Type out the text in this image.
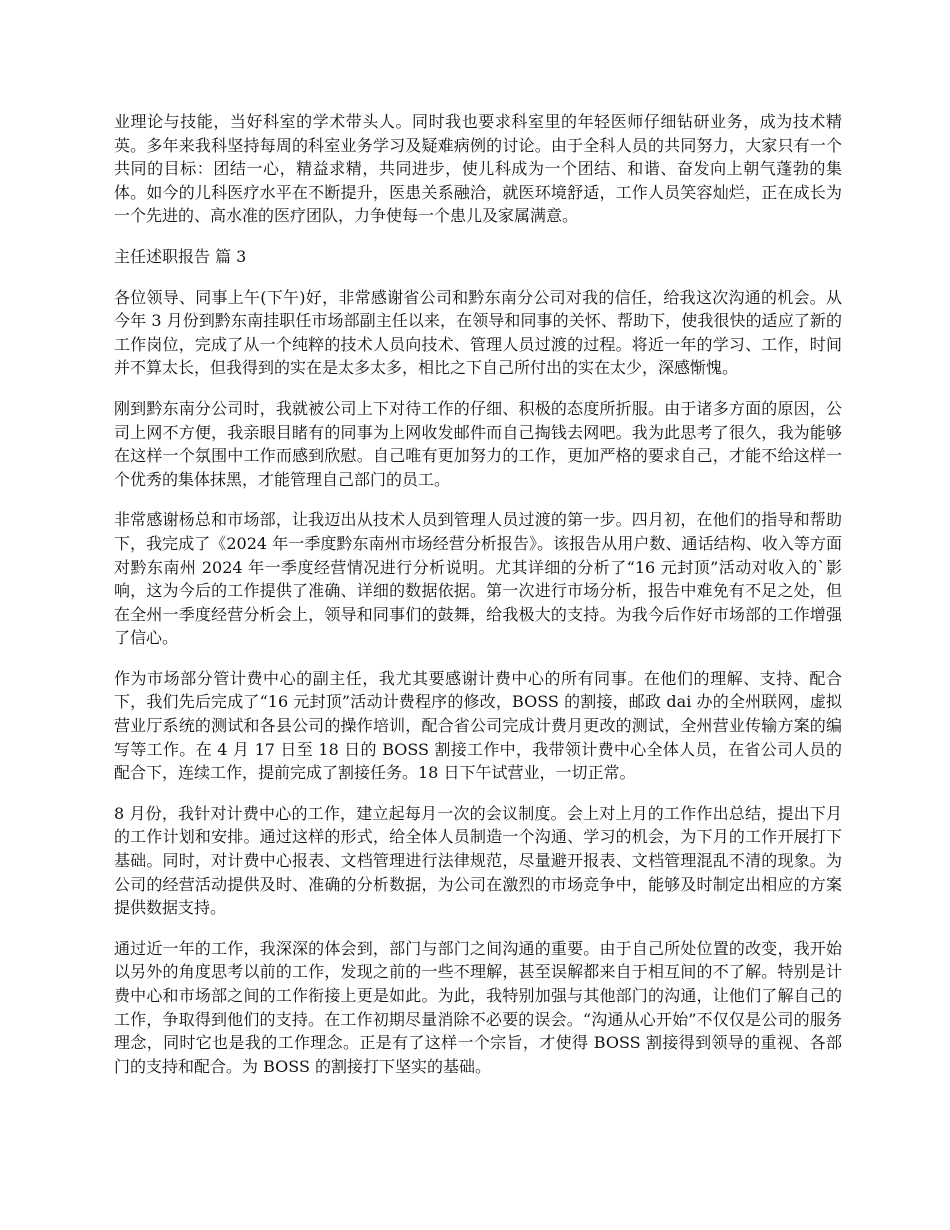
业理论与技能，当好科室的学术带头人。同时我也要求科室里的年轻医师仔细钻研业务，成为技术精英。多年来我科坚持每周的科室业务学习及疑难病例的讨论。由于全科人员的共同努力，大家只有一个共同的目标：团结一心，精益求精，共同进步，使儿科成为一个团结、和谐、奋发向上朝气蓬勃的集体。如今的儿科医疗水平在不断提升，医患关系融洽，就医环境舒适，工作人员笑容灿烂，正在成长为一个先进的、高水准的医疗团队，力争使每一个患儿及家属满意。

主任述职报告 篇 3

各位领导、同事上午(下午)好，非常感谢省公司和黔东南分公司对我的信任，给我这次沟通的机会。从今年 3 月份到黔东南挂职任市场部副主任以来，在领导和同事的关怀、帮助下，使我很快的适应了新的工作岗位，完成了从一个纯粹的技术人员向技术、管理人员过渡的过程。将近一年的学习、工作，时间并不算太长，但我得到的实在是太多太多，相比之下自己所付出的实在太少，深感惭愧。

刚到黔东南分公司时，我就被公司上下对待工作的仔细、积极的态度所折服。由于诸多方面的原因，公司上网不方便，我亲眼目睹有的同事为上网收发邮件而自己掏钱去网吧。我为此思考了很久，我为能够在这样一个氛围中工作而感到欣慰。自己唯有更加努力的工作，更加严格的要求自己，才能不给这样一个优秀的集体抹黑，才能管理自己部门的员工。

非常感谢杨总和市场部，让我迈出从技术人员到管理人员过渡的第一步。四月初，在他们的指导和帮助下，我完成了《2024 年一季度黔东南州市场经营分析报告》。该报告从用户数、通话结构、收入等方面对黔东南州 2024 年一季度经营情况进行分析说明。尤其详细的分析了“16 元封顶”活动对收入的`影响，这为今后的工作提供了准确、详细的数据依据。第一次进行市场分析，报告中难免有不足之处，但在全州一季度经营分析会上，领导和同事们的鼓舞，给我极大的支持。为我今后作好市场部的工作增强了信心。

作为市场部分管计费中心的副主任，我尤其要感谢计费中心的所有同事。在他们的理解、支持、配合下，我们先后完成了“16 元封顶”活动计费程序的修改，BOSS 的割接，邮政 dai 办的全州联网，虚拟营业厅系统的测试和各县公司的操作培训，配合省公司完成计费月更改的测试，全州营业传输方案的编写等工作。在 4 月 17 日至 18 日的 BOSS 割接工作中，我带领计费中心全体人员，在省公司人员的配合下，连续工作，提前完成了割接任务。18 日下午试营业，一切正常。

8 月份，我针对计费中心的工作，建立起每月一次的会议制度。会上对上月的工作作出总结，提出下月的工作计划和安排。通过这样的形式，给全体人员制造一个沟通、学习的机会，为下月的工作开展打下基础。同时，对计费中心报表、文档管理进行法律规范，尽量避开报表、文档管理混乱不清的现象。为公司的经营活动提供及时、准确的分析数据，为公司在激烈的市场竞争中，能够及时制定出相应的方案提供数据支持。

通过近一年的工作，我深深的体会到，部门与部门之间沟通的重要。由于自己所处位置的改变，我开始以另外的角度思考以前的工作，发现之前的一些不理解，甚至误解都来自于相互间的不了解。特别是计费中心和市场部之间的工作衔接上更是如此。为此，我特别加强与其他部门的沟通，让他们了解自己的工作，争取得到他们的支持。在工作初期尽量消除不必要的误会。“沟通从心开始”不仅仅是公司的服务理念，同时它也是我的工作理念。正是有了这样一个宗旨，才使得 BOSS 割接得到领导的重视、各部门的支持和配合。为 BOSS 的割接打下坚实的基础。
